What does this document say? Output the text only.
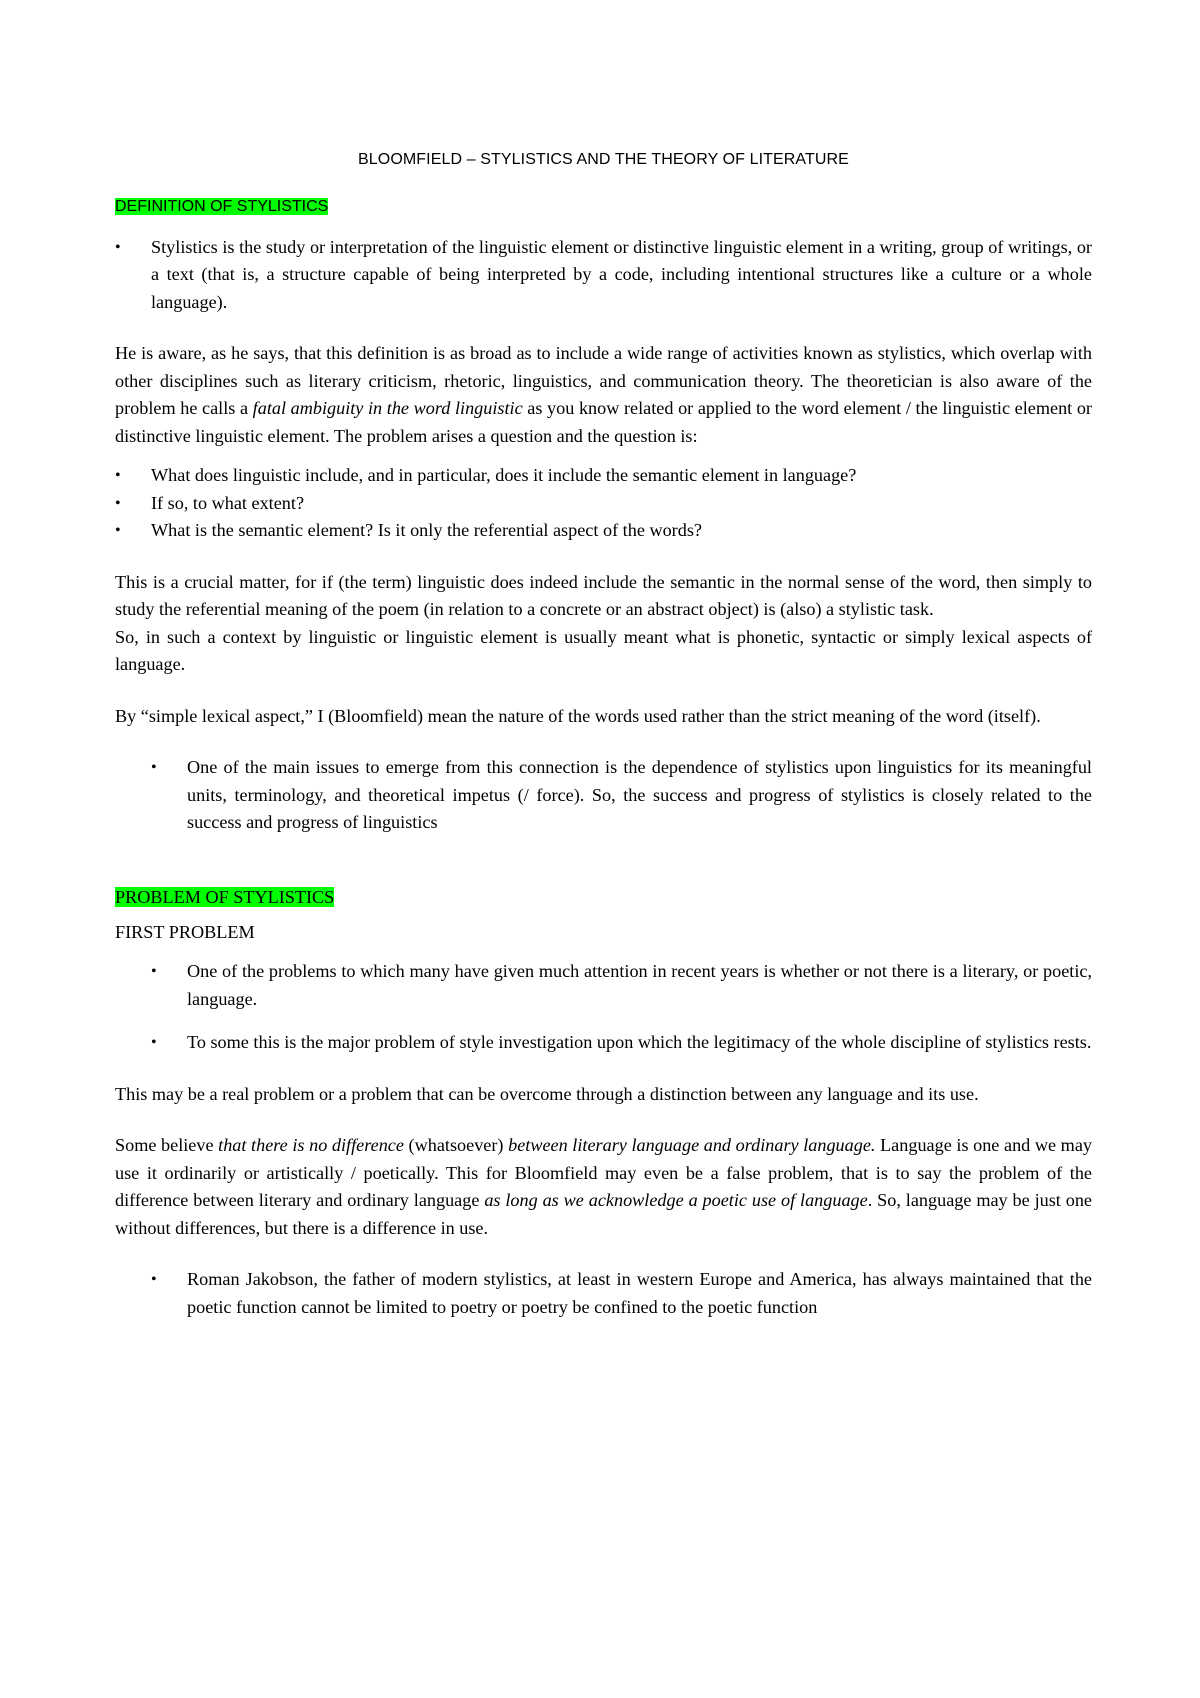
BLOOMFIELD – STYLISTICS AND THE THEORY OF LITERATURE
DEFINITION OF STYLISTICS
• Stylistics is the study or interpretation of the linguistic element or distinctive linguistic element in a writing, group of writings, or a text (that is, a structure capable of being interpreted by a code, including intentional structures like a culture or a whole language).

He is aware, as he says, that this definition is as broad as to include a wide range of activities known as stylistics, which overlap with other disciplines such as literary criticism, rhetoric, linguistics, and communication theory. The theoretician is also aware of the problem he calls a fatal ambiguity in the word linguistic as you know related or applied to the word element / the linguistic element or distinctive linguistic element. The problem arises a question and the question is:

• What does linguistic include, and in particular, does it include the semantic element in language?
• If so, to what extent?
• What is the semantic element? Is it only the referential aspect of the words?

This is a crucial matter, for if (the term) linguistic does indeed include the semantic in the normal sense of the word, then simply to study the referential meaning of the poem (in relation to a concrete or an abstract object) is (also) a stylistic task.

So, in such a context by linguistic or linguistic element is usually meant what is phonetic, syntactic or simply lexical aspects of language.

By “simple lexical aspect,” I (Bloomfield) mean the nature of the words used rather than the strict meaning of the word (itself).

• One of the main issues to emerge from this connection is the dependence of stylistics upon linguistics for its meaningful units, terminology, and theoretical impetus (/ force). So, the success and progress of stylistics is closely related to the success and progress of linguistics
PROBLEM OF STYLISTICS

FIRST PROBLEM

• One of the problems to which many have given much attention in recent years is whether or not there is a literary, or poetic, language.
• To some this is the major problem of style investigation upon which the legitimacy of the whole discipline of stylistics rests.

This may be a real problem or a problem that can be overcome through a distinction between any language and its use.

Some believe that there is no difference (whatsoever) between literary language and ordinary language. Language is one and we may use it ordinarily or artistically / poetically. This for Bloomfield may even be a false problem, that is to say the problem of the difference between literary and ordinary language as long as we acknowledge a poetic use of language. So, language may be just one without differences, but there is a difference in use.

• Roman Jakobson, the father of modern stylistics, at least in western Europe and America, has always maintained that the poetic function cannot be limited to poetry or poetry be confined to the poetic function
